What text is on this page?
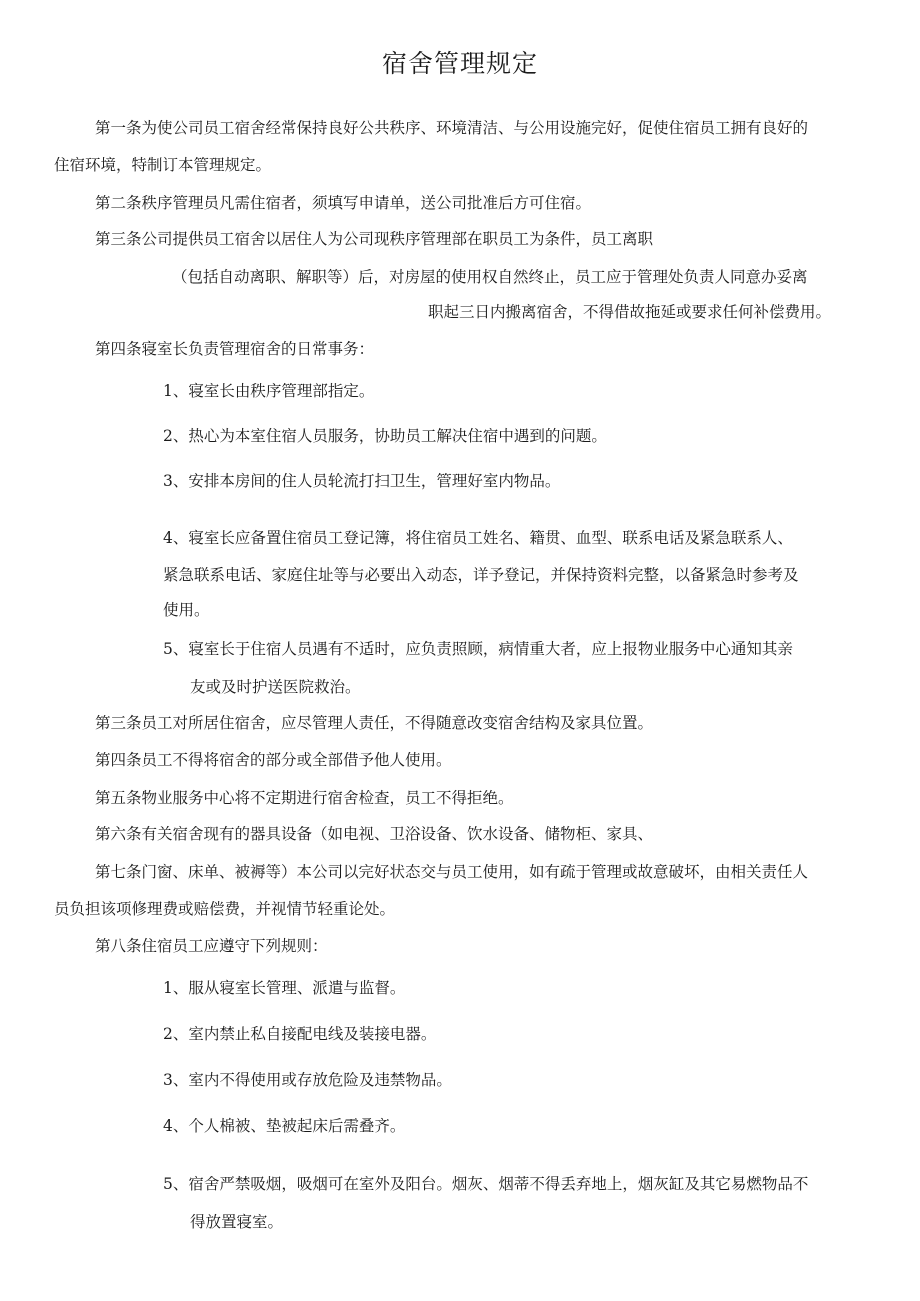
宿舍管理规定
第一条为使公司员工宿舍经常保持良好公共秩序、环境清洁、与公用设施完好，促使住宿员工拥有良好的
住宿环境，特制订本管理规定。
第二条秩序管理员凡需住宿者，须填写申请单，送公司批准后方可住宿。
第三条公司提供员工宿舍以居住人为公司现秩序管理部在职员工为条件，员工离职
（包括自动离职、解职等）后，对房屋的使用权自然终止，员工应于管理处负责人同意办妥离
职起三日内搬离宿舍，不得借故拖延或要求任何补偿费用。
第四条寝室长负责管理宿舍的日常事务：
1、寝室长由秩序管理部指定。
2、热心为本室住宿人员服务，协助员工解决住宿中遇到的问题。
3、安排本房间的住人员轮流打扫卫生，管理好室内物品。
4、寝室长应备置住宿员工登记簿，将住宿员工姓名、籍贯、血型、联系电话及紧急联系人、
紧急联系电话、家庭住址等与必要出入动态，详予登记，并保持资料完整，以备紧急时参考及
使用。
5、寝室长于住宿人员遇有不适时，应负责照顾，病情重大者，应上报物业服务中心通知其亲
友或及时护送医院救治。
第三条员工对所居住宿舍，应尽管理人责任，不得随意改变宿舍结构及家具位置。
第四条员工不得将宿舍的部分或全部借予他人使用。
第五条物业服务中心将不定期进行宿舍检查，员工不得拒绝。
第六条有关宿舍现有的器具设备（如电视、卫浴设备、饮水设备、储物柜、家具、
第七条门窗、床单、被褥等）本公司以完好状态交与员工使用，如有疏于管理或故意破坏，由相关责任人
员负担该项修理费或赔偿费，并视情节轻重论处。
第八条住宿员工应遵守下列规则：
1、服从寝室长管理、派遣与监督。
2、室内禁止私自接配电线及装接电器。
3、室内不得使用或存放危险及违禁物品。
4、个人棉被、垫被起床后需叠齐。
5、宿舍严禁吸烟，吸烟可在室外及阳台。烟灰、烟蒂不得丢弃地上，烟灰缸及其它易燃物品不
得放置寝室。
